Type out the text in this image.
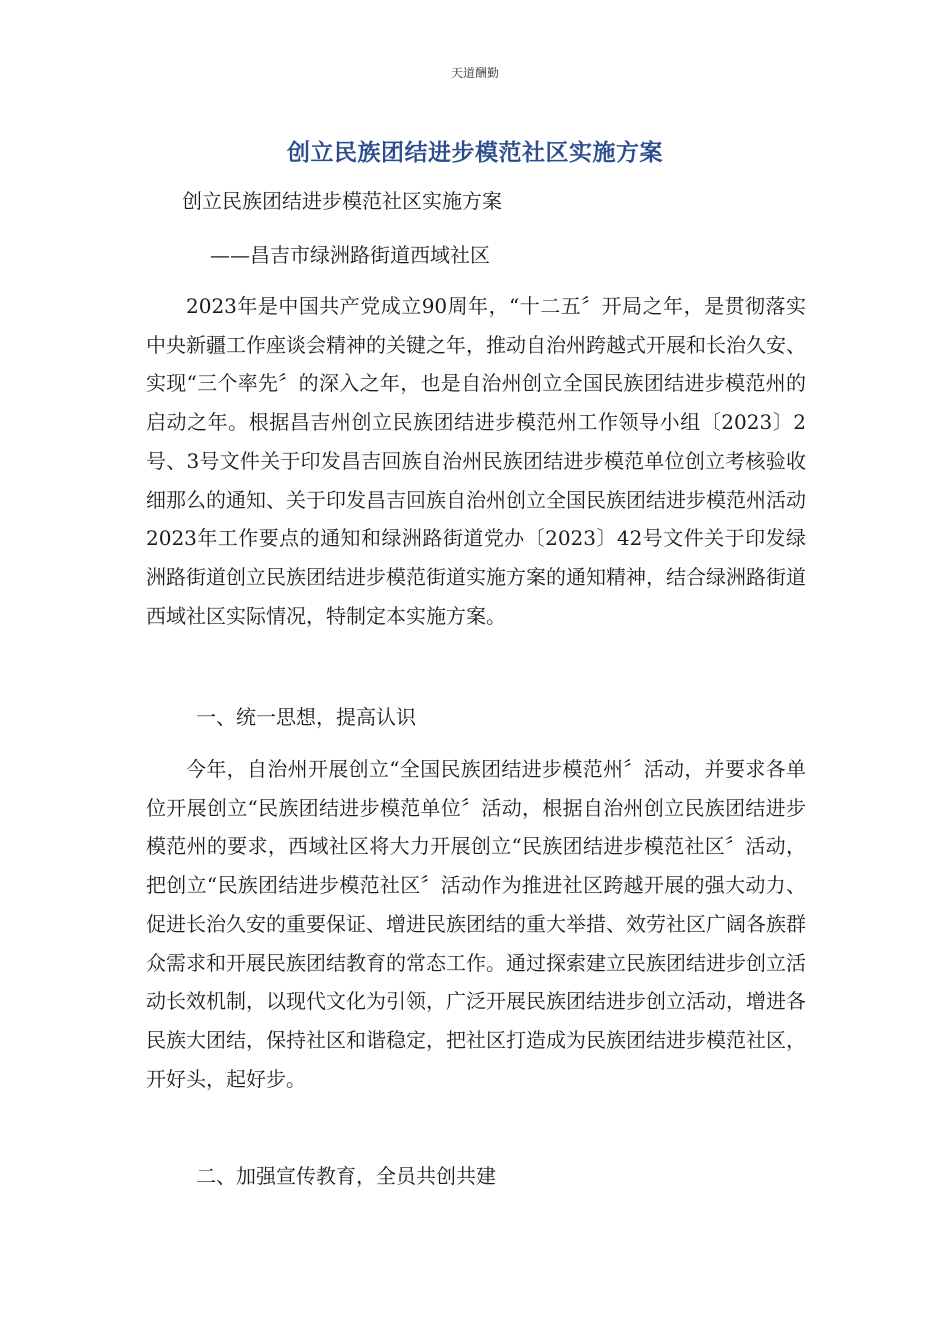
天道酬勤
创立民族团结进步模范社区实施方案
创立民族团结进步模范社区实施方案
——昌吉市绿洲路街道西域社区
2023年是中国共产党成立90周年，“十二五〞开局之年，是贯彻落实中央新疆工作座谈会精神的关键之年，推动自治州跨越式开展和长治久安、实现“三个率先〞的深入之年，也是自治州创立全国民族团结进步模范州的启动之年。根据昌吉州创立民族团结进步模范州工作领导小组〔2023〕2号、3号文件关于印发昌吉回族自治州民族团结进步模范单位创立考核验收细那么的通知、关于印发昌吉回族自治州创立全国民族团结进步模范州活动2023年工作要点的通知和绿洲路街道党办〔2023〕42号文件关于印发绿洲路街道创立民族团结进步模范街道实施方案的通知精神，结合绿洲路街道西域社区实际情况，特制定本实施方案。
一、统一思想，提高认识
今年，自治州开展创立“全国民族团结进步模范州〞活动，并要求各单位开展创立“民族团结进步模范单位〞活动，根据自治州创立民族团结进步模范州的要求，西域社区将大力开展创立“民族团结进步模范社区〞活动，把创立“民族团结进步模范社区〞活动作为推进社区跨越开展的强大动力、促进长治久安的重要保证、增进民族团结的重大举措、效劳社区广阔各族群众需求和开展民族团结教育的常态工作。通过探索建立民族团结进步创立活动长效机制，以现代文化为引领，广泛开展民族团结进步创立活动，增进各民族大团结，保持社区和谐稳定，把社区打造成为民族团结进步模范社区，开好头，起好步。
二、加强宣传教育，全员共创共建
